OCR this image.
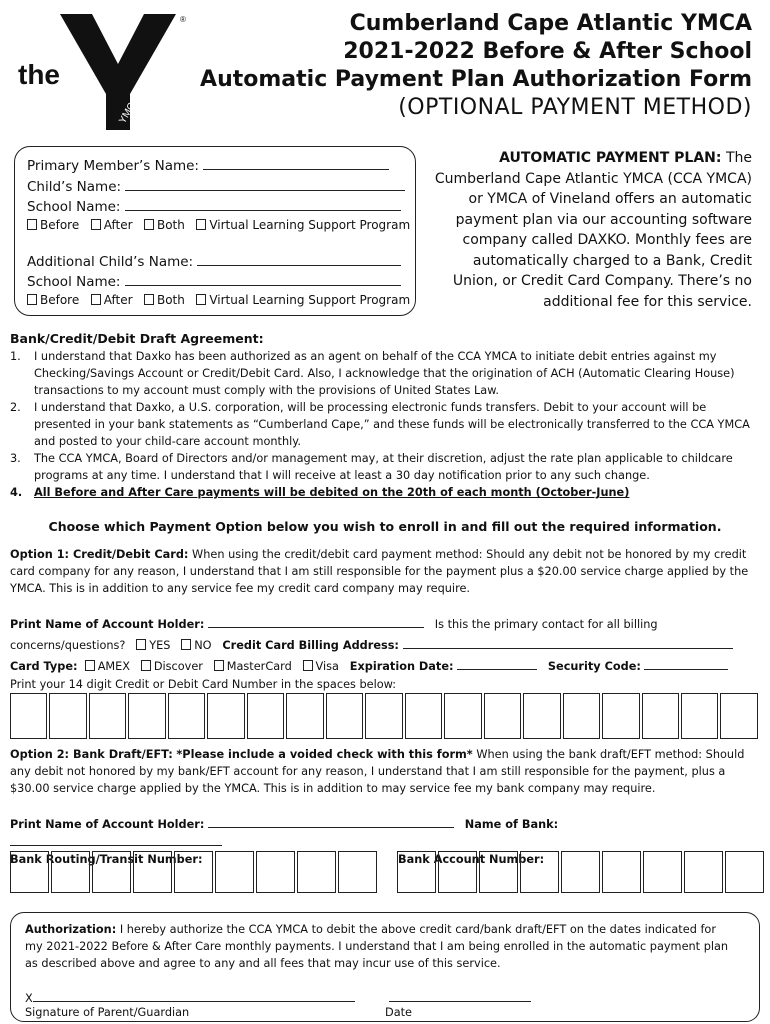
the
YMCA
®	Cumberland Cape Atlantic YMCA
2021-2022 Before & After School
Automatic Payment Plan Authorization Form
(OPTIONAL PAYMENT METHOD)
Primary Member’s Name:
Child’s Name:
School Name:
Before After Both Virtual Learning Support Program
Additional Child’s Name:
School Name:
Before After Both Virtual Learning Support Program
AUTOMATIC PAYMENT PLAN: The Cumberland Cape Atlantic YMCA (CCA YMCA) or YMCA of Vineland offers an automatic payment plan via our accounting software company called DAXKO. Monthly fees are automatically charged to a Bank, Credit Union, or Credit Card Company. There’s no additional fee for this service.
Bank/Credit/Debit Draft Agreement:
1. I understand that Daxko has been authorized as an agent on behalf of the CCA YMCA to initiate debit entries against my Checking/Savings Account or Credit/Debit Card. Also, I acknowledge that the origination of ACH (Automatic Clearing House) transactions to my account must comply with the provisions of United States Law.
2. I understand that Daxko, a U.S. corporation, will be processing electronic funds transfers. Debit to your account will be presented in your bank statements as “Cumberland Cape,” and these funds will be electronically transferred to the CCA YMCA and posted to your child-care account monthly.
3. The CCA YMCA, Board of Directors and/or management may, at their discretion, adjust the rate plan applicable to childcare programs at any time. I understand that I will receive at least a 30 day notification prior to any such change.
4. All Before and After Care payments will be debited on the 20th of each month (October-June)
Choose which Payment Option below you wish to enroll in and fill out the required information.
Option 1: Credit/Debit Card: When using the credit/debit card payment method: Should any debit not be honored by my credit card company for any reason, I understand that I am still responsible for the payment plus a $20.00 service charge applied by the YMCA. This is in addition to any service fee my credit card company may require.
Print Name of Account Holder:	Is this the primary contact for all billing
concerns/questions? YES NO Credit Card Billing Address:
Card Type: AMEX Discover MasterCard Visa Expiration Date:	Security Code:
Print your 14 digit Credit or Debit Card Number in the spaces below:
Option 2: Bank Draft/EFT: *Please include a voided check with this form* When using the bank draft/EFT method: Should any debit not honored by my bank/EFT account for any reason, I understand that I am still responsible for the payment, plus a $30.00 service charge applied by the YMCA. This is in addition to may service fee my bank company may require.
Print Name of Account Holder:	Name of Bank:
Bank Routing/Transit Number:	Bank Account Number:
Authorization: I hereby authorize the CCA YMCA to debit the above credit card/bank draft/EFT on the dates indicated for my 2021-2022 Before & After Care monthly payments. I understand that I am being enrolled in the automatic payment plan as described above and agree to any and all fees that may incur use of this service.
X
Signature of Parent/Guardian	Date
